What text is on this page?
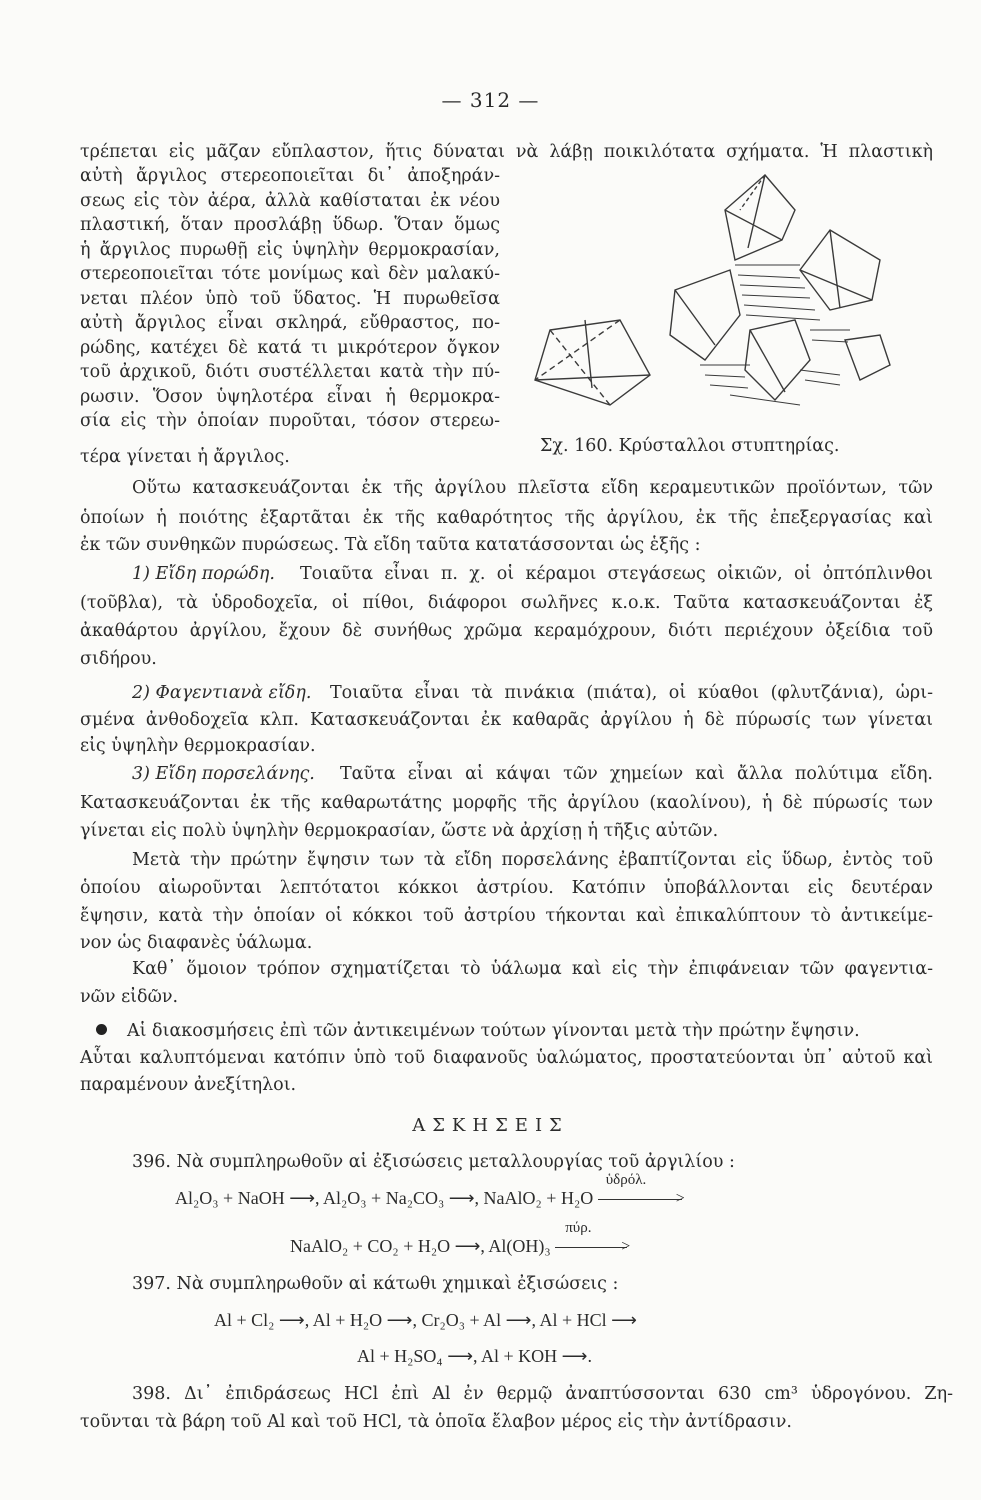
— 312 —
τρέπεται εἰς μᾶζαν εὔπλαστον, ἥτις δύναται νὰ λάβῃ ποικιλότατα σχήματα. Ἡ πλαστικὴ
αὐτὴ ἄργιλος στερεοποιεῖται δι᾿ ἀποξηράν-
σεως εἰς τὸν ἀέρα, ἀλλὰ καθίσταται ἐκ νέου
πλαστική, ὅταν προσλάβῃ ὕδωρ. Ὅταν ὅμως
ἡ ἄργιλος πυρωθῇ εἰς ὑψηλὴν θερμοκρασίαν,
στερεοποιεῖται τότε μονίμως καὶ δὲν μαλακύ-
νεται πλέον ὑπὸ τοῦ ὕδατος. Ἡ πυρωθεῖσα
αὐτὴ ἄργιλος εἶναι σκληρά, εὔθραστος, πο-
ρώδης, κατέχει δὲ κατά τι μικρότερον ὄγκον
τοῦ ἀρχικοῦ, διότι συστέλλεται κατὰ τὴν πύ-
ρωσιν. Ὅσον ὑψηλοτέρα εἶναι ἡ θερμοκρα-
σία εἰς τὴν ὁποίαν πυροῦται, τόσον στερεω-
τέρα γίνεται ἡ ἄργιλος.
Σχ. 160. Κρύσταλλοι στυπτηρίας.
Οὕτω κατασκευάζονται ἐκ τῆς ἀργίλου πλεῖστα εἴδη κεραμευτικῶν προϊόντων, τῶν
ὁποίων ἡ ποιότης ἐξαρτᾶται ἐκ τῆς καθαρότητος τῆς ἀργίλου, ἐκ τῆς ἐπεξεργασίας καὶ
ἐκ τῶν συνθηκῶν πυρώσεως. Τὰ εἴδη ταῦτα κατατάσσονται ὡς ἑξῆς :
1) Εἴδη πορώδη. Τοιαῦτα εἶναι π. χ. οἱ κέραμοι στεγάσεως οἰκιῶν, οἱ ὀπτόπλινθοι
(τοῦβλα), τὰ ὑδροδοχεῖα, οἱ πίθοι, διάφοροι σωλῆνες κ.ο.κ. Ταῦτα κατασκευάζονται ἐξ
ἀκαθάρτου ἀργίλου, ἔχουν δὲ συνήθως χρῶμα κεραμόχρουν, διότι περιέχουν ὀξείδια τοῦ
σιδήρου.
2) Φαγεντιανὰ εἴδη. Τοιαῦτα εἶναι τὰ πινάκια (πιάτα), οἱ κύαθοι (φλυτζάνια), ὡρι-
σμένα ἀνθοδοχεῖα κλπ. Κατασκευάζονται ἐκ καθαρᾶς ἀργίλου ἡ δὲ πύρωσίς των γίνεται
εἰς ὑψηλὴν θερμοκρασίαν.
3) Εἴδη πορσελάνης. Ταῦτα εἶναι αἱ κάψαι τῶν χημείων καὶ ἄλλα πολύτιμα εἴδη.
Κατασκευάζονται ἐκ τῆς καθαρωτάτης μορφῆς τῆς ἀργίλου (καολίνου), ἡ δὲ πύρωσίς των
γίνεται εἰς πολὺ ὑψηλὴν θερμοκρασίαν, ὥστε νὰ ἀρχίσῃ ἡ τῆξις αὐτῶν.
Μετὰ τὴν πρώτην ἔψησιν των τὰ εἴδη πορσελάνης ἐβαπτίζονται εἰς ὕδωρ, ἐντὸς τοῦ
ὁποίου αἰωροῦνται λεπτότατοι κόκκοι ἀστρίου. Κατόπιν ὑποβάλλονται εἰς δευτέραν
ἔψησιν, κατὰ τὴν ὁποίαν οἱ κόκκοι τοῦ ἀστρίου τήκονται καὶ ἐπικαλύπτουν τὸ ἀντικείμε-
νον ὡς διαφανὲς ὑάλωμα.
Καθ᾿ ὅμοιον τρόπον σχηματίζεται τὸ ὑάλωμα καὶ εἰς τὴν ἐπιφάνειαν τῶν φαγεντια-
νῶν εἰδῶν.
Αἱ διακοσμήσεις ἐπὶ τῶν ἀντικειμένων τούτων γίνονται μετὰ τὴν πρώτην ἔψησιν.
Αὗται καλυπτόμεναι κατόπιν ὑπὸ τοῦ διαφανοῦς ὑαλώματος, προστατεύονται ὑπ᾿ αὐτοῦ καὶ
παραμένουν ἀνεξίτηλοι.
ΑΣΚΗΣΕΙΣ
396. Νὰ συμπληρωθοῦν αἱ ἐξισώσεις μεταλλουργίας τοῦ ἀργιλίου :
Al₂O₃ + NaOH ⟶, Al₂O₃ + Na₂CO₃ ⟶, NaAlO₂ + H₂O
ὑδρόλ.
>
NaAlO₂ + CO₂ + H₂O ⟶, Al(OH)₃
πύρ.
>
397. Νὰ συμπληρωθοῦν αἱ κάτωθι χημικαὶ ἐξισώσεις :
Al + Cl₂ ⟶, Al + H₂O ⟶, Cr₂O₃ + Al ⟶, Al + HCl ⟶
Al + H₂SO₄ ⟶, Al + KOH ⟶.
398. Δι᾿ ἐπιδράσεως HCl ἐπὶ Al ἐν θερμῷ ἀναπτύσσονται 630 cm³ ὑδρογόνου. Ζη-
τοῦνται τὰ βάρη τοῦ Al καὶ τοῦ HCl, τὰ ὁποῖα ἔλαβον μέρος εἰς τὴν ἀντίδρασιν.
